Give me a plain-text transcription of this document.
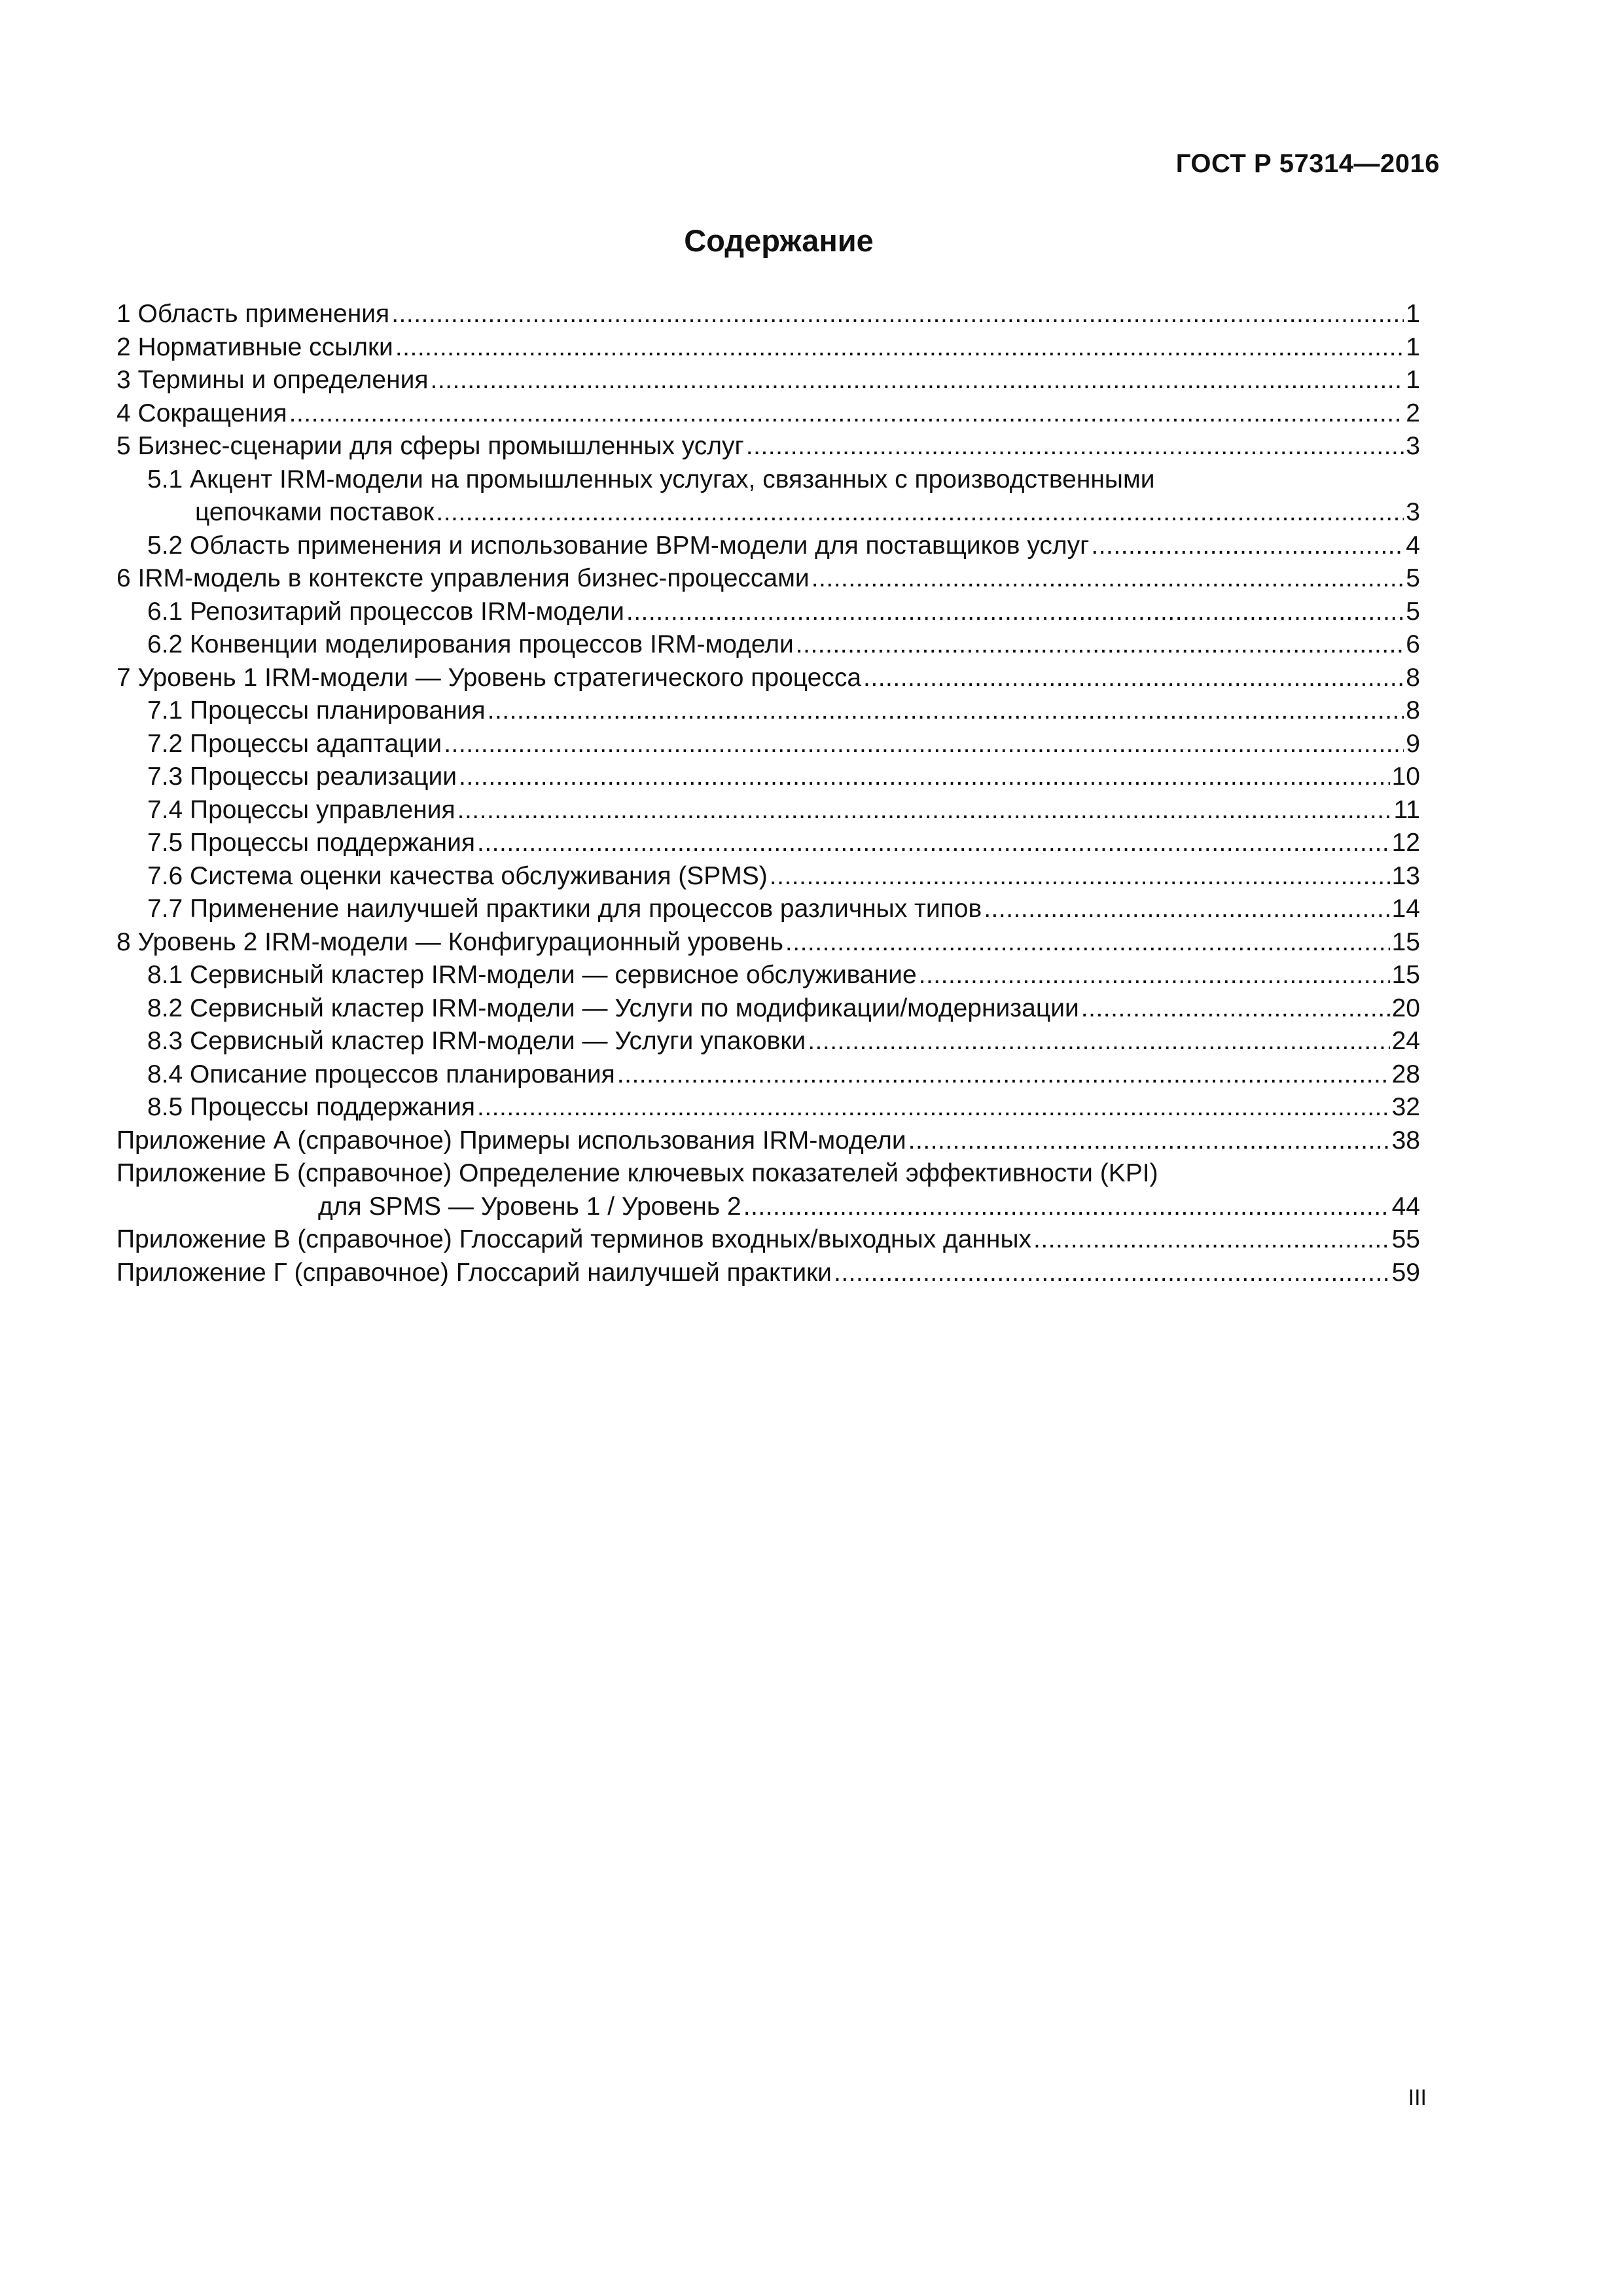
ГОСТ Р 57314—2016
Содержание
1 Область применения .....	1
2 Нормативные ссылки .....	1
3 Термины и определения .....	1
4 Сокращения .....	2
5 Бизнес-сценарии для сферы промышленных услуг .....	3
5.1 Акцент IRM-модели на промышленных услугах, связанных с производственными
цепочками поставок .....	3
5.2 Область применения и использование BPM-модели для поставщиков услуг .....	4
6 IRM-модель в контексте управления бизнес-процессами .....	5
6.1 Репозитарий процессов IRM-модели .....	5
6.2 Конвенции моделирования процессов IRM-модели .....	6
7 Уровень 1 IRM-модели — Уровень стратегического процесса .....	8
7.1 Процессы планирования .....	8
7.2 Процессы адаптации .....	9
7.3 Процессы реализации .....	10
7.4 Процессы управления .....	11
7.5 Процессы поддержания .....	12
7.6 Система оценки качества обслуживания (SPMS) .....	13
7.7 Применение наилучшей практики для процессов различных типов .....	14
8 Уровень 2 IRM-модели — Конфигурационный уровень .....	15
8.1 Сервисный кластер IRM-модели — сервисное обслуживание .....	15
8.2 Сервисный кластер IRM-модели — Услуги по модификации/модернизации .....	20
8.3 Сервисный кластер IRM-модели — Услуги упаковки .....	24
8.4 Описание процессов планирования .....	28
8.5 Процессы поддержания .....	32
Приложение А (справочное) Примеры использования IRM-модели .....	38
Приложение Б (справочное) Определение ключевых показателей эффективности (KPI)
для SPMS — Уровень 1 / Уровень 2 .....	44
Приложение В (справочное) Глоссарий терминов входных/выходных данных .....	55
Приложение Г (справочное) Глоссарий наилучшей практики .....	59
III
